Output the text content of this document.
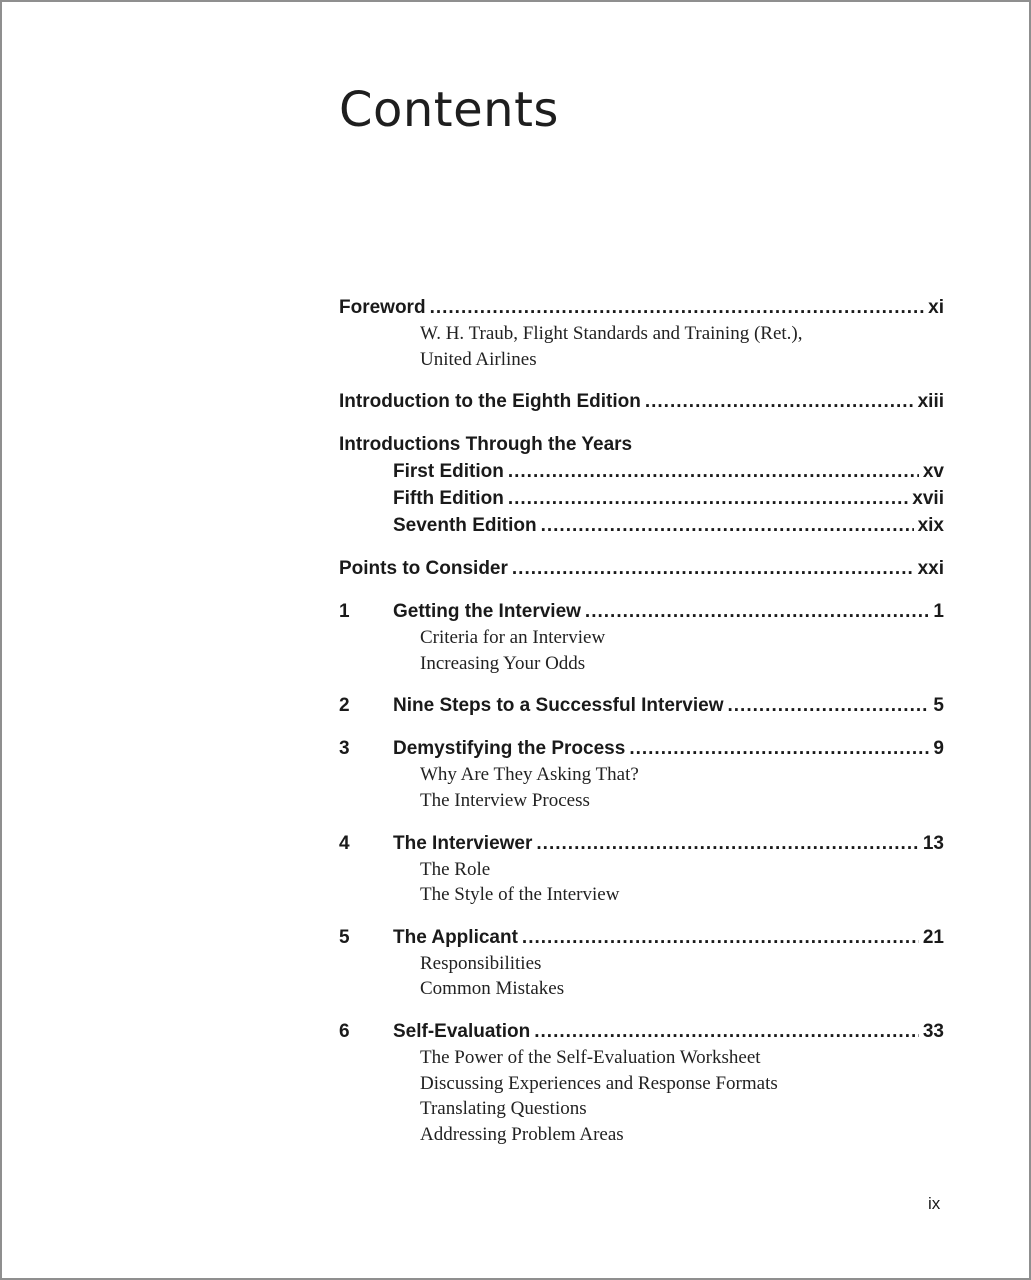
Contents
Foreword .....	xi
W. H. Traub, Flight Standards and Training (Ret.),
United Airlines
Introduction to the Eighth Edition .....	xiii
Introductions Through the Years
First Edition .....	xv
Fifth Edition .....	xvii
Seventh Edition .....	xix
Points to Consider .....	xxi
1	Getting the Interview .....	1
Criteria for an Interview
Increasing Your Odds
2	Nine Steps to a Successful Interview .....	5
3	Demystifying the Process .....	9
Why Are They Asking That?
The Interview Process
4	The Interviewer .....	13
The Role
The Style of the Interview
5	The Applicant .....	21
Responsibilities
Common Mistakes
6	Self-Evaluation .....	33
The Power of the Self-Evaluation Worksheet
Discussing Experiences and Response Formats
Translating Questions
Addressing Problem Areas
ix
